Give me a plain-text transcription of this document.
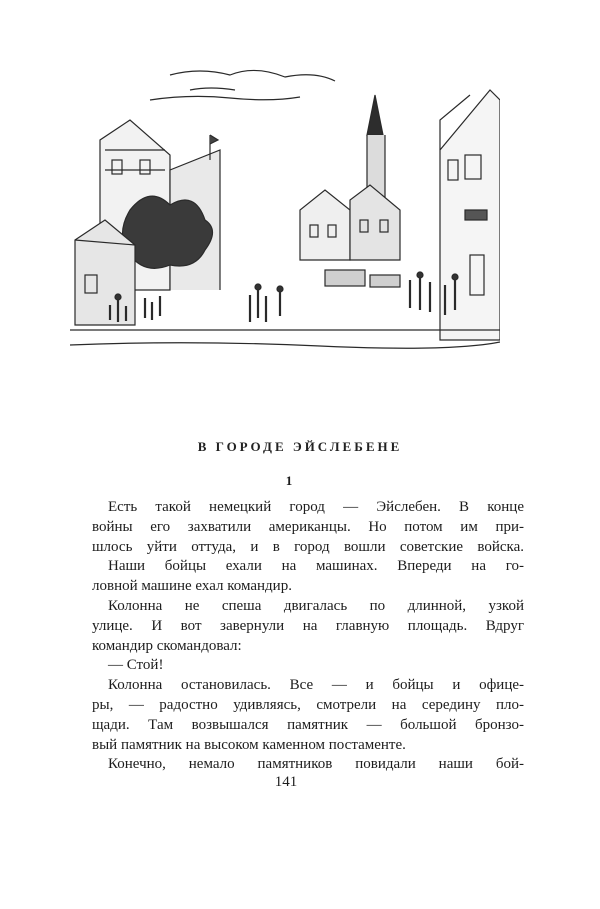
В ГОРОДЕ ЭЙСЛЕБЕНЕ
1
Есть такой немецкий город — Эйслебен. В конце
войны его захватили американцы. Но потом им при-
шлось уйти оттуда, и в город вошли советские войска.
Наши бойцы ехали на машинах. Впереди на го-
ловной машине ехал командир.
Колонна не спеша двигалась по длинной, узкой
улице. И вот завернули на главную площадь. Вдруг
командир скомандовал:
— Стой!
Колонна остановилась. Все — и бойцы и офице-
ры, — радостно удивляясь, смотрели на середину пло-
щади. Там возвышался памятник — большой бронзо-
вый памятник на высоком каменном постаменте.
Конечно, немало памятников повидали наши бой-
141
